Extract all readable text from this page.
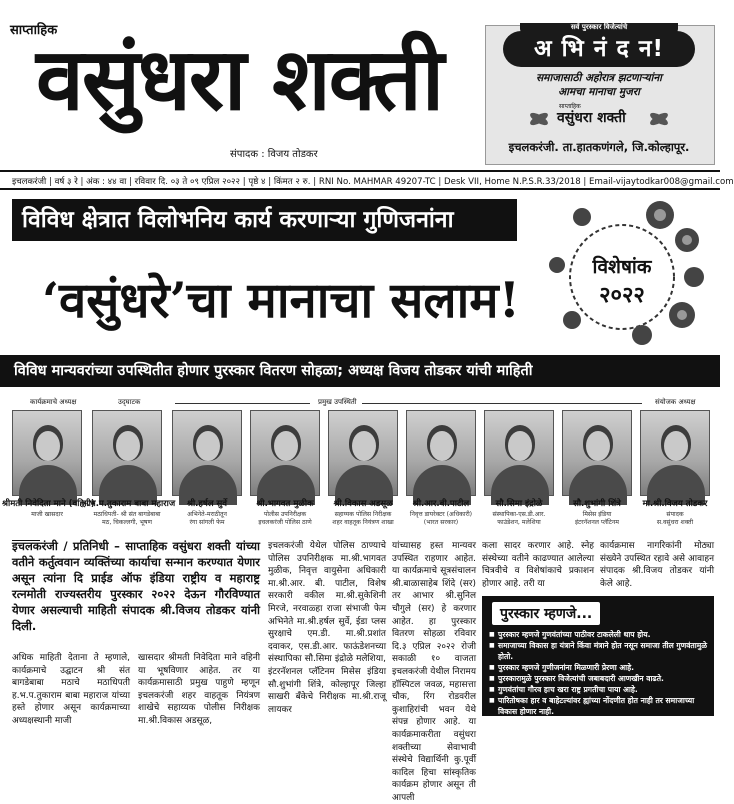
साप्ताहिक
वसुंधरा शक्ती
संपादक : विजय तोडकर
सर्व पुरस्कार विजेत्यांचे
अ भि नं द न!
समाजासाठी अहोरात्र झटणाऱ्यांना
आमचा मानाचा मुजरा
साप्ताहिक
वसुंधरा शक्ती
इचलकरंजी. ता.हातकणंगले, जि.कोल्हापूर.
इचलकरंजी | वर्ष ३ रे | अंक : ४४ वा | रविवार दि. ०३ ते ०९ एप्रिल २०२२ | पृष्ठे ४ | किंमत २ रु. | RNI No. MAHMAR 49207-TC | Desk VII, Home N.P.S.R.33/2018 | Email-vijaytodkar008@gmail.com
विविध क्षेत्रात विलोभनिय कार्य करणाऱ्या गुणिजनांना
‘वसुंधरे’चा मानाचा सलाम!
विशेषांक
२०२२
विविध मान्यवरांच्या उपस्थितीत होणार पुरस्कार वितरण सोहळा; अध्यक्ष विजय तोडकर यांची माहिती
कार्यक्रमाचे अध्यक्ष	उद्‌घाटक	प्रमुख उपस्थिती	संयोजक अध्यक्ष
श्रीमती निवेदिता माने (वहिनी)
माजी खासदार
ह.भ.प.तुकाराम बाबा महाराज
मठाधिपती- श्री संत बागडेबाबा
मठ, चिकल्लगी, भूषण
श्री.हर्षल सुर्वे
अभिनेते-मराठीतून
रंगा सांगली फेम
श्री.भागवत मुळीक
पोलीस उपनिरीक्षक
इचलकरंजी पोलिस ठाणे
श्री.विकास अडसूळ
सहाय्यक पोलिस निरीक्षक
शहर वाहतूक नियंत्रण शाखा
श्री.आर.बी.पाटील
निवृत्त डायरेक्टर (अधिकारी)
(भारत सरकार)
सौ.सिमा इंद्रोळे
संस्थापिका-एस.डी.आर.
फाउंडेशन, मलेशिया
सौ.शुभांगी शिंत्रे
मिसेस इंडिया
इंटरनॅशनल प्लॅटिनम
मा.श्री.विजय तोडकर
संपादक
स.वसुंधरा शक्ती
इचलकरंजी / प्रतिनिधी – साप्ताहिक वसुंधरा शक्ती यांच्या वतीने कर्तुत्ववान व्यक्तिंच्या कार्याचा सन्मान करण्यात येणार असून त्यांना दि प्राईड ऑफ इंडिया राष्ट्रीय व महाराष्ट्र रत्नमोती राज्यस्तरीय पुरस्कार २०२२ देऊन गौरविण्यात येणार असल्याची माहिती संपादक श्री.विजय तोडकर यांनी दिली.
अधिक माहिती देताना ते म्हणाले, कार्यक्रमाचे उद्घाटन श्री संत बागडेबाबा मठाचे मठाधिपती ह.भ.प.तुकाराम बाबा महाराज यांच्या हस्ते होणार असून कार्यक्रमाच्या अध्यक्षस्थानी माजी
खासदार श्रीमती निवेदिता माने वहिनी या भूषविणार आहेत. तर या कार्यक्रमासाठी प्रमुख पाहुणे म्हणून इचलकरंजी शहर वाहतूक नियंत्रण शाखेचे सहाय्यक पोलीस निरीक्षक मा.श्री.विकास अडसूळ,
इचलकरंजी येथेल पोलिस ठाण्याचे पोलिस उपनिरीक्षक मा.श्री.भागवत मुळीक, निवृत्त वायुसेना अधिकारी मा.श्री.आर. बी. पाटील, विशेष सरकारी वकील मा.श्री.सुकेशिनी मिरजे, नरवाळ्हा राजा संभाजी फेम अभिनेते मा.श्री.हर्षल सुर्वे, ईडा प्लस सुरक्षाचे एम.डी. मा.श्री.प्रशांत दवाकर, एस.डी.आर. फाऊंडेशनच्या संस्थापिका सौ.सिमा इंद्रोळे मलेशिया, इंटरनॅशनल प्लॅटिनम मिसेस इंडिया सौ.शुभांगी शिंत्रे, कोल्हापूर जिल्हा साखरी बँकेचे निरीक्षक मा.श्री.राजू लायकर
यांच्यासह हस्त मान्यवर उपस्थित राहणार आहेत. या कार्यक्रमाचे सूत्रसंचालन श्री.बाळासाहेब शिंदे (सर) तर आभार श्री.सुनिल चौगुले (सर) हे करणार आहेत. हा पुरस्कार वितरण सोहळा रविवार दि.३ एप्रिल २०२२ रोजी सकाळी १० वाजता इचलकरंजी येथील निरामय हॉस्पिटल जवळ, महासत्ता चौक, रिंग रोडवरील कुशाहिरांची भवन येथे संपन्न होणार आहे. या कार्यक्रमाकरीता वसुंधरा शक्तीच्या सेवाभावी संस्थेचे विद्यार्थिनी कु.पूर्वी कादिल हिचा सांस्कृतिक कार्यक्रम होणार असून ती आपली
कला सादर करणार आहे. स्नेह संस्थेच्या वतीने काढण्यात आलेल्या चित्रवीचे व विशेषांकाचे प्रकाशन होणार आहे. तरी या
कार्यक्रमास नागरिकांनी मोठ्या संख्येने उपस्थित रहावे असे आवाहन संपादक श्री.विजय तोडकर यांनी केले आहे.
पुरस्कार म्हणजे...
■ पुरस्कार म्हणजे गुणवंतांच्या पाठीवर टाकलेली थाप होय.
■ समाजाच्या विकास हा यंत्राने किंवा मंत्राने होत नसून समाजा तील गुणवंतामुळे होतो.
■ पुरस्कार म्हणजे गुणीजनांना मिळणारी प्रेरणा आहे.
■ पुरस्कारामुळे पुरस्कार विजेत्यांची जबाबदारी आणखीन वाढते.
■ गुणवंतांचा गौरव हाच खरा राष्ट्र प्रगतीचा पाया आहे.
■ पारितोषका हार व बाहेटल्यांवर ह्यांच्या नोंदणीत होत नाही तर समाजाच्या विकास होणार नाही.
